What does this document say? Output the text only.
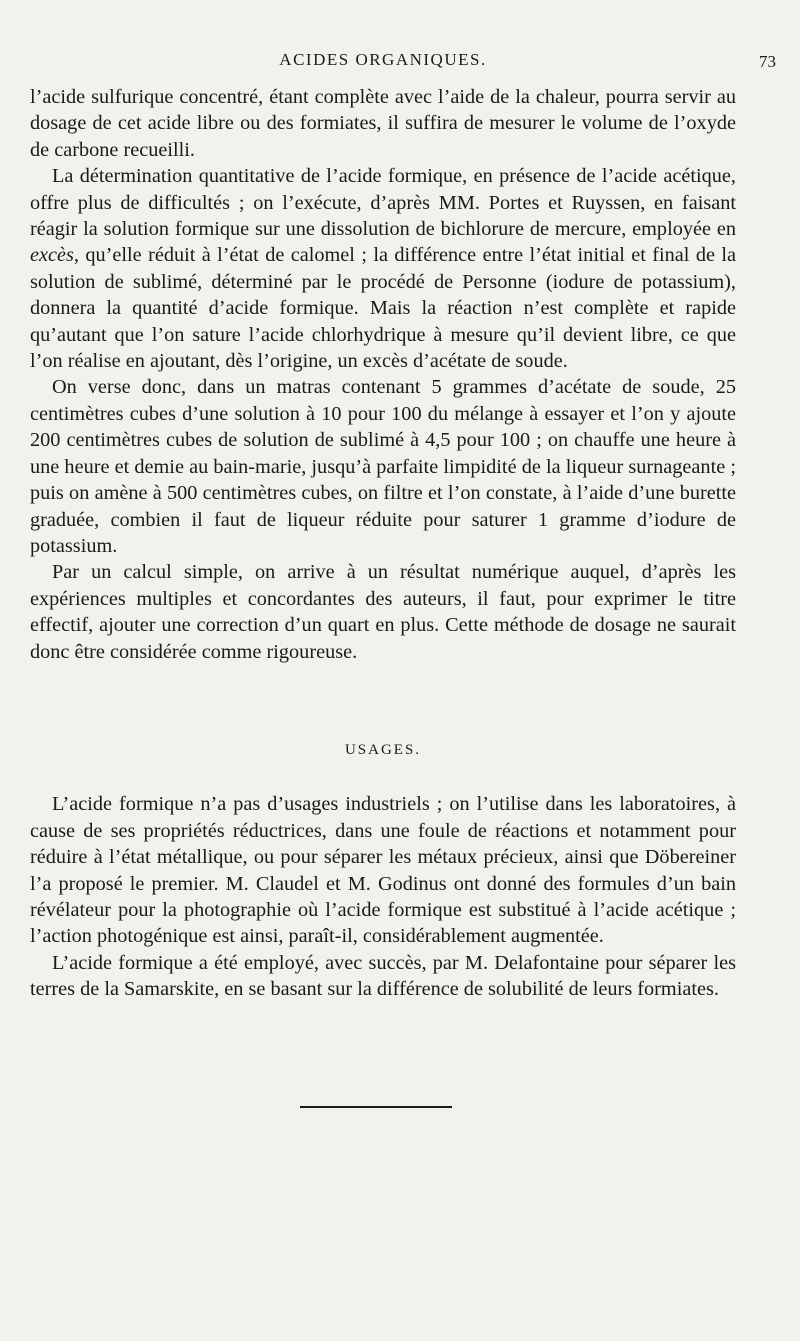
ACIDES ORGANIQUES.	73

l’acide sulfurique concentré, étant complète avec l’aide de la chaleur, pourra servir au dosage de cet acide libre ou des formiates, il suffira de mesurer le volume de l’oxyde de carbone recueilli.

La détermination quantitative de l’acide formique, en présence de l’acide acétique, offre plus de difficultés ; on l’exécute, d’après MM. Portes et Ruyssen, en faisant réagir la solution formique sur une dissolution de bichlorure de mercure, employée en excès, qu’elle réduit à l’état de calomel ; la différence entre l’état initial et final de la solution de sublimé, déterminé par le procédé de Personne (iodure de potassium), donnera la quantité d’acide formique. Mais la réaction n’est complète et rapide qu’autant que l’on sature l’acide chlorhydrique à mesure qu’il devient libre, ce que l’on réalise en ajoutant, dès l’origine, un excès d’acétate de soude.

On verse donc, dans un matras contenant 5 grammes d’acétate de soude, 25 centimètres cubes d’une solution à 10 pour 100 du mélange à essayer et l’on y ajoute 200 centimètres cubes de solution de sublimé à 4,5 pour 100 ; on chauffe une heure à une heure et demie au bain-marie, jusqu’à parfaite limpidité de la liqueur surnageante ; puis on amène à 500 centimètres cubes, on filtre et l’on constate, à l’aide d’une burette graduée, combien il faut de liqueur réduite pour saturer 1 gramme d’iodure de potassium.

Par un calcul simple, on arrive à un résultat numérique auquel, d’après les expériences multiples et concordantes des auteurs, il faut, pour exprimer le titre effectif, ajouter une correction d’un quart en plus. Cette méthode de dosage ne saurait donc être considérée comme rigoureuse.

USAGES.

L’acide formique n’a pas d’usages industriels ; on l’utilise dans les laboratoires, à cause de ses propriétés réductrices, dans une foule de réactions et notamment pour réduire à l’état métallique, ou pour séparer les métaux précieux, ainsi que Döbereiner l’a proposé le premier. M. Claudel et M. Godinus ont donné des formules d’un bain révélateur pour la photographie où l’acide formique est substitué à l’acide acétique ; l’action photogénique est ainsi, paraît-il, considérablement augmentée.

L’acide formique a été employé, avec succès, par M. Delafontaine pour séparer les terres de la Samarskite, en se basant sur la différence de solubilité de leurs formiates.
